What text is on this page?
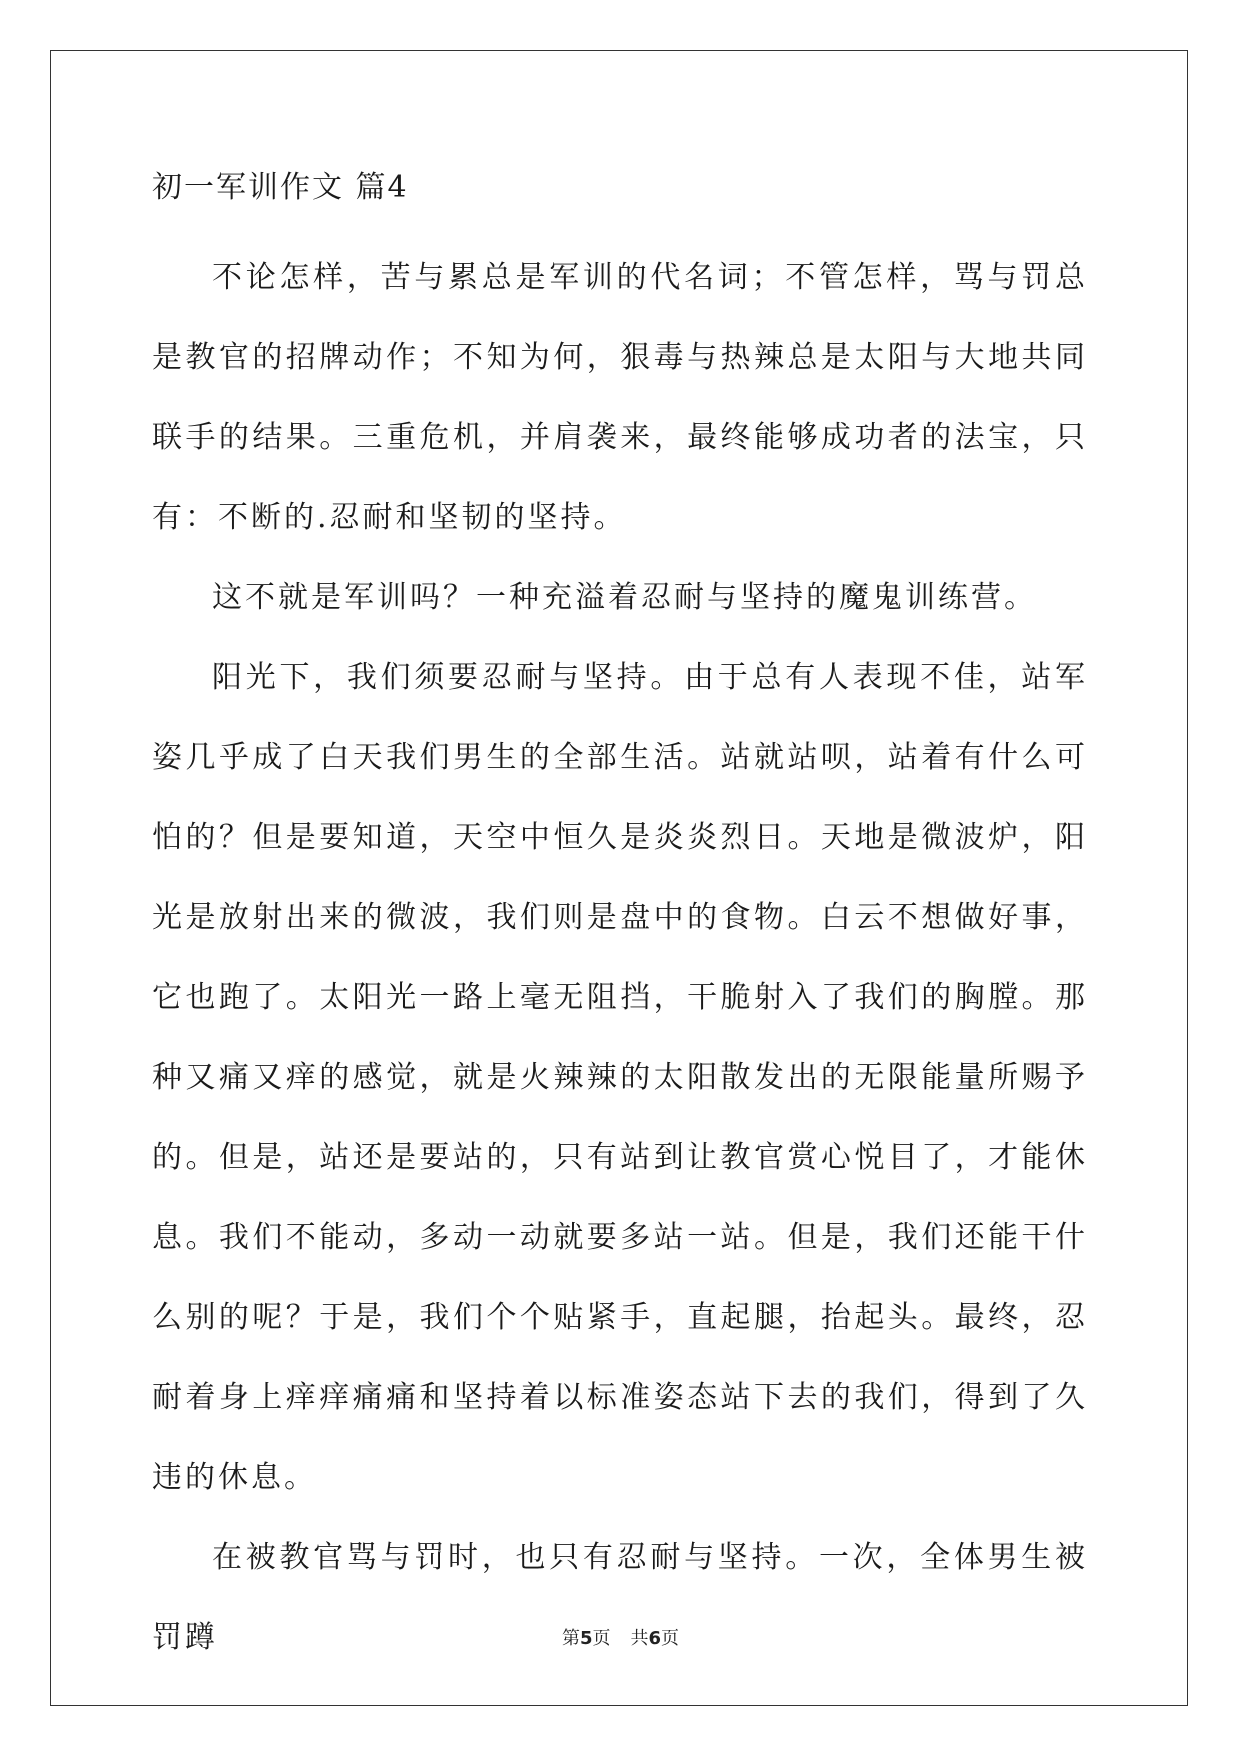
初一军训作文 篇4

不论怎样，苦与累总是军训的代名词；不管怎样，骂与罚总是教官的招牌动作；不知为何，狠毒与热辣总是太阳与大地共同联手的结果。三重危机，并肩袭来，最终能够成功者的法宝，只有：不断的.忍耐和坚韧的坚持。

这不就是军训吗？一种充溢着忍耐与坚持的魔鬼训练营。

阳光下，我们须要忍耐与坚持。由于总有人表现不佳，站军姿几乎成了白天我们男生的全部生活。站就站呗，站着有什么可怕的？但是要知道，天空中恒久是炎炎烈日。天地是微波炉，阳光是放射出来的微波，我们则是盘中的食物。白云不想做好事，它也跑了。太阳光一路上毫无阻挡，干脆射入了我们的胸膛。那种又痛又痒的感觉，就是火辣辣的太阳散发出的无限能量所赐予的。但是，站还是要站的，只有站到让教官赏心悦目了，才能休息。我们不能动，多动一动就要多站一站。但是，我们还能干什么别的呢？于是，我们个个贴紧手，直起腿，抬起头。最终，忍耐着身上痒痒痛痛和坚持着以标准姿态站下去的我们，得到了久违的休息。

在被教官骂与罚时，也只有忍耐与坚持。一次，全体男生被罚蹲	第5页 共6页
